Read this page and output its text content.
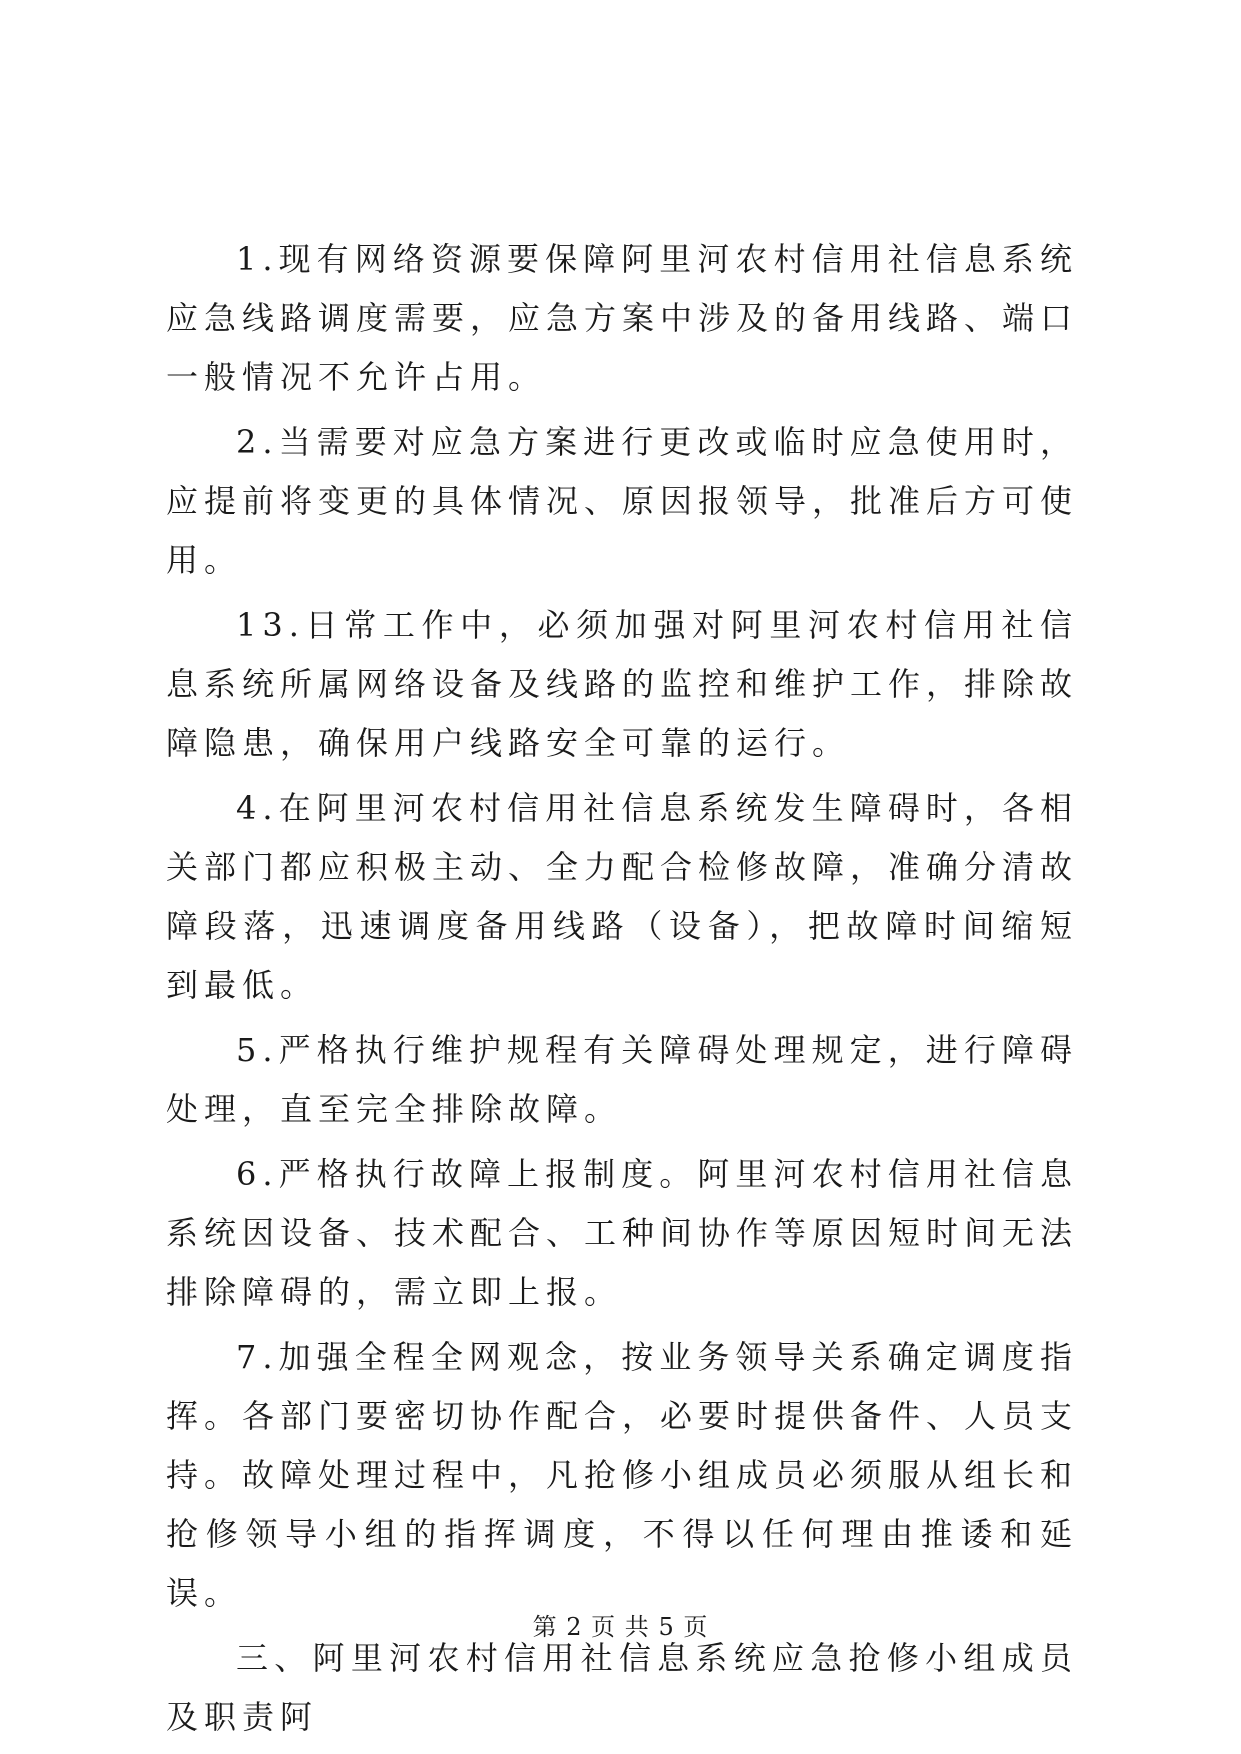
1.现有网络资源要保障阿里河农村信用社信息系统应急线路调度需要，应急方案中涉及的备用线路、端口一般情况不允许占用。

2.当需要对应急方案进行更改或临时应急使用时，应提前将变更的具体情况、原因报领导，批准后方可使用。

13.日常工作中，必须加强对阿里河农村信用社信息系统所属网络设备及线路的监控和维护工作，排除故障隐患，确保用户线路安全可靠的运行。

4.在阿里河农村信用社信息系统发生障碍时，各相关部门都应积极主动、全力配合检修故障，准确分清故障段落，迅速调度备用线路（设备），把故障时间缩短到最低。

5.严格执行维护规程有关障碍处理规定，进行障碍处理，直至完全排除故障。

6.严格执行故障上报制度。阿里河农村信用社信息系统因设备、技术配合、工种间协作等原因短时间无法排除障碍的，需立即上报。

7.加强全程全网观念，按业务领导关系确定调度指挥。各部门要密切协作配合，必要时提供备件、人员支持。故障处理过程中，凡抢修小组成员必须服从组长和抢修领导小组的指挥调度，不得以任何理由推诿和延误。

三、阿里河农村信用社信息系统应急抢修小组成员及职责阿

第 2 页 共 5 页
